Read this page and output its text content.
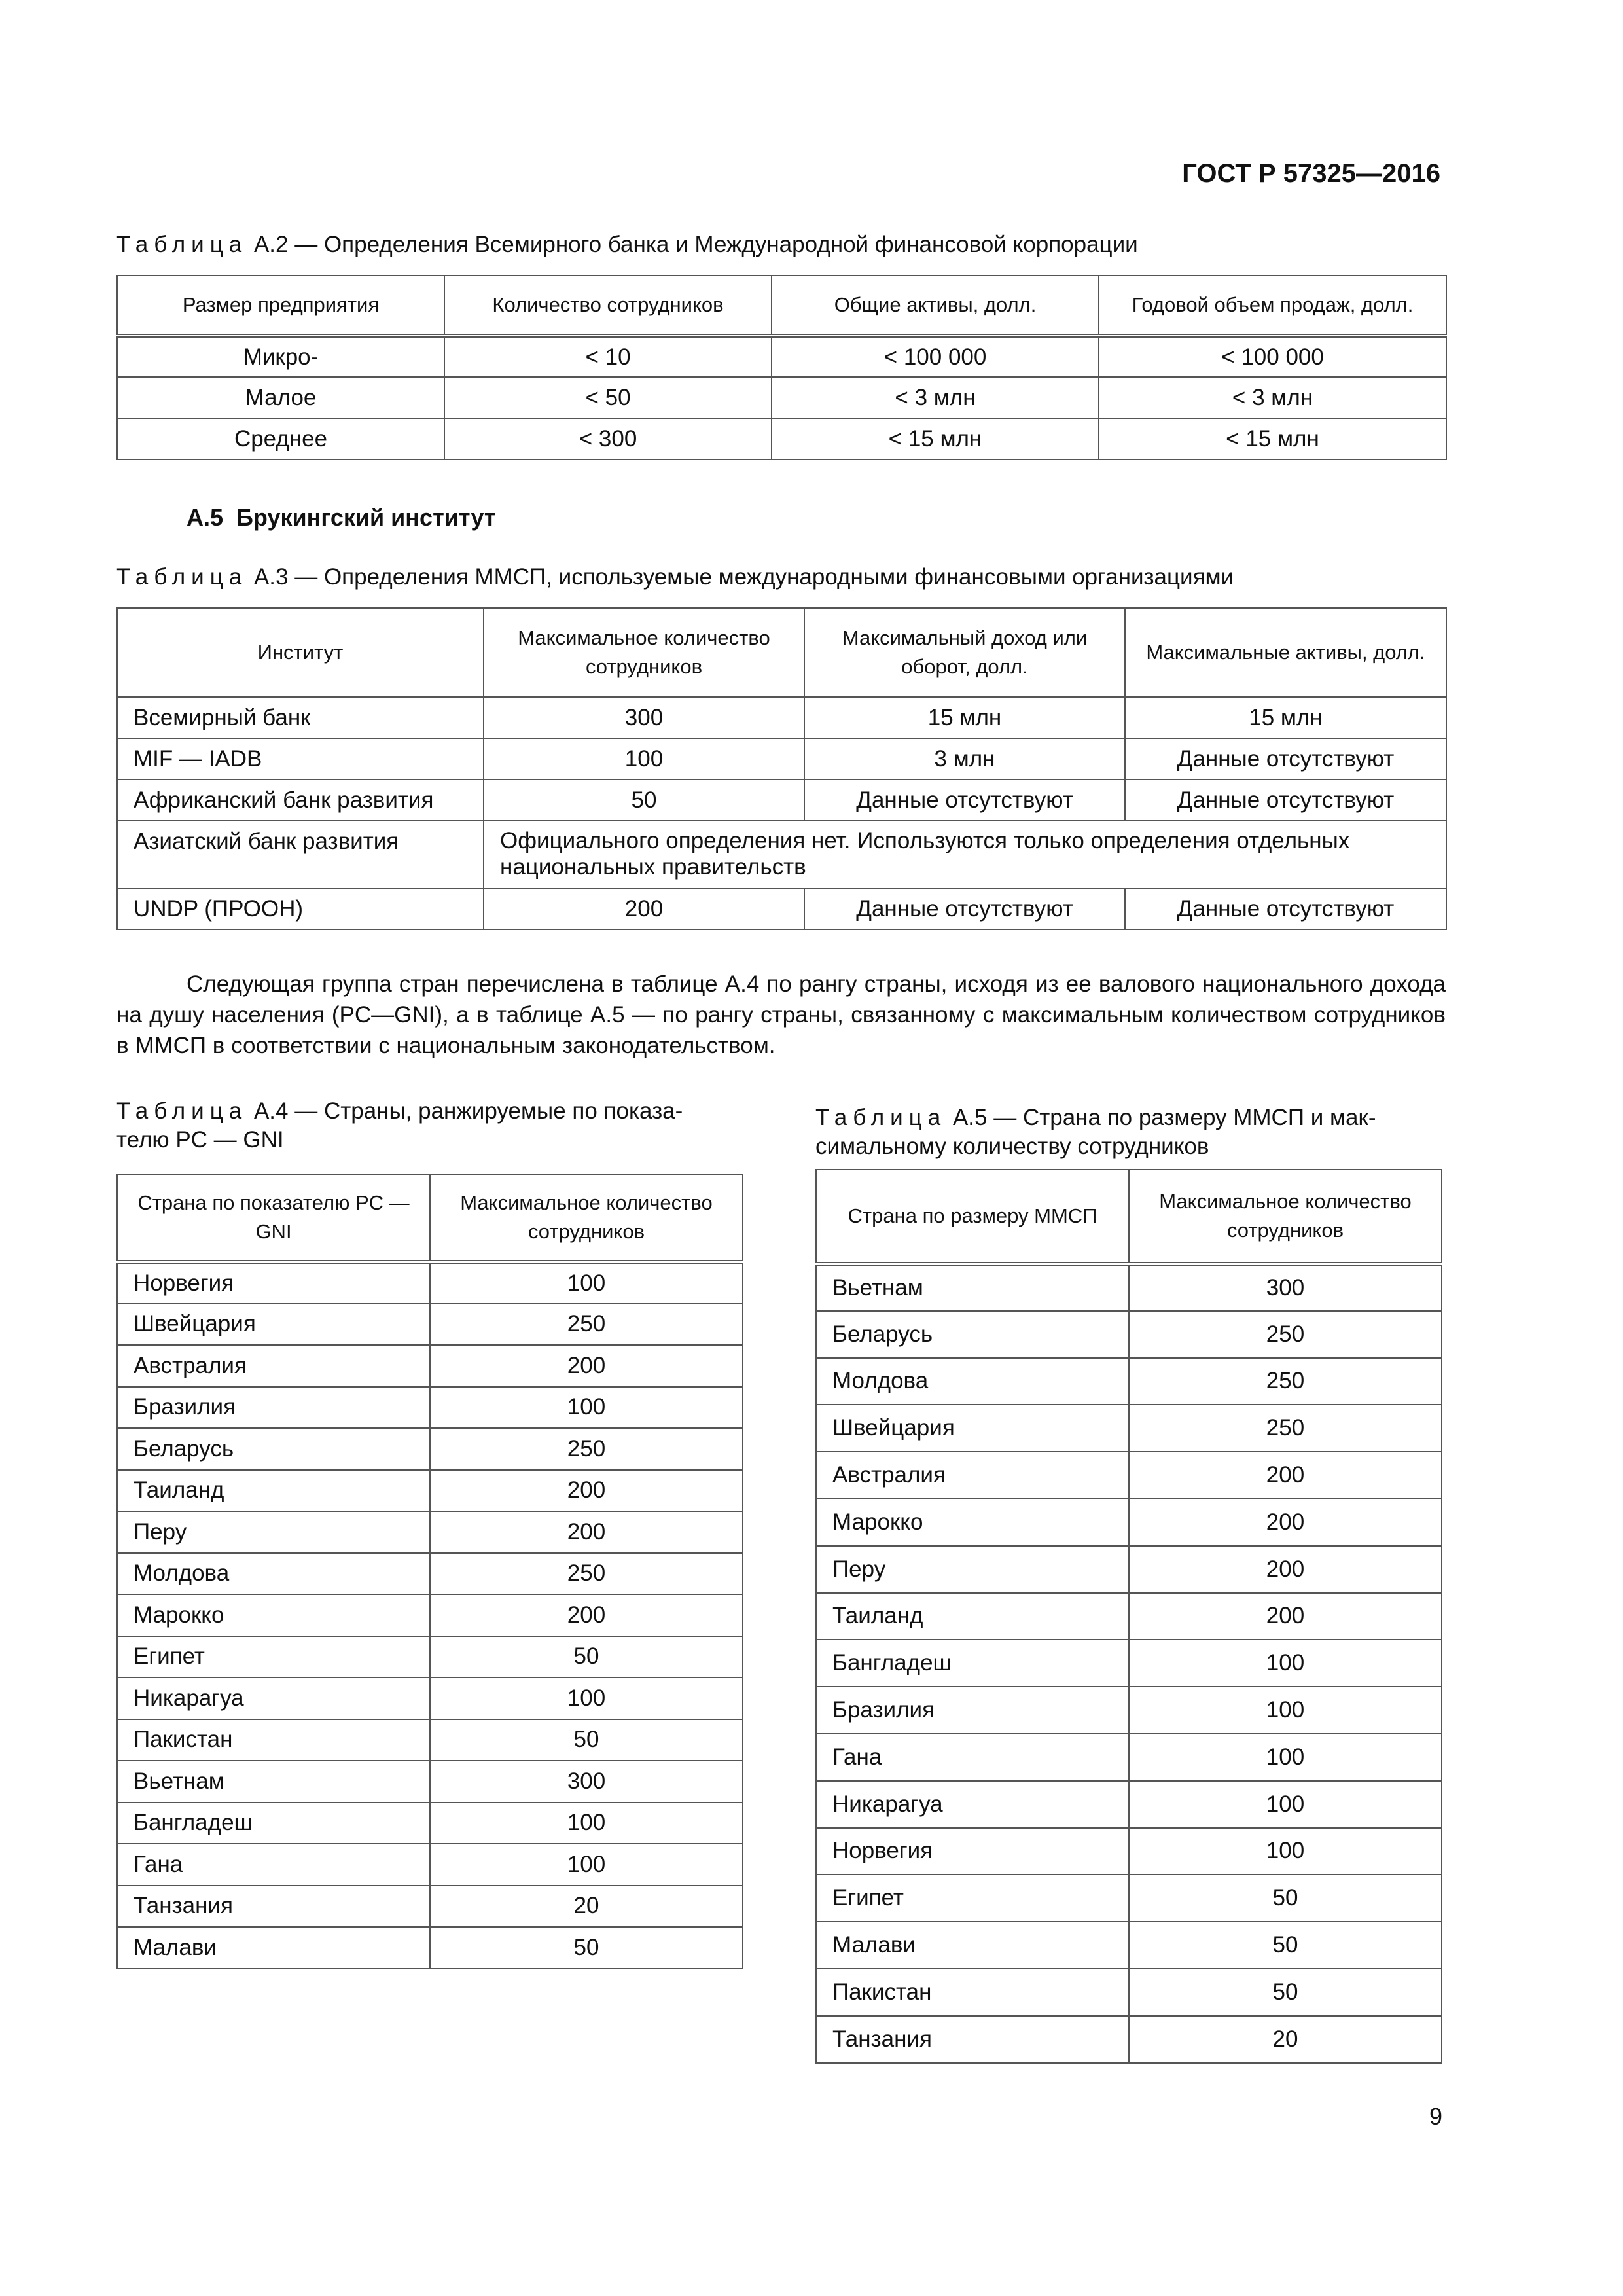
ГОСТ Р 57325—2016
Таблица А.2 — Определения Всемирного банка и Международной финансовой корпорации
Размер предприятия	Количество сотрудников	Общие активы, долл.	Годовой объем продаж, долл.
Микро-	< 10	< 100 000	< 100 000
Малое	< 50	< 3 млн	< 3 млн
Среднее	< 300	< 15 млн	< 15 млн
А.5 Брукингский институт
Таблица А.3 — Определения ММСП, используемые международными финансовыми организациями
Институт	Максимальное количество сотрудников	Максимальный доход или оборот, долл.	Максимальные активы, долл.
Всемирный банк	300	15 млн	15 млн
MIF — IADB	100	3 млн	Данные отсутствуют
Африканский банк развития	50	Данные отсутствуют	Данные отсутствуют
Азиатский банк развития	Официального определения нет. Используются только определения отдельных национальных правительств		
UNDP (ПРООН)	200	Данные отсутствуют	Данные отсутствуют
Следующая группа стран перечислена в таблице А.4 по рангу страны, исходя из ее валового национального дохода на душу населения (PC—GNI), а в таблице А.5 — по рангу страны, связанному с максимальным количеством сотрудников в ММСП в соответствии с национальным законодательством.
Таблица А.4 — Страны, ранжируемые по показа-
телю PC — GNI
Страна по показателю PC — GNI	Максимальное количество сотрудников
Норвегия	100
Швейцария	250
Австралия	200
Бразилия	100
Беларусь	250
Таиланд	200
Перу	200
Молдова	250
Марокко	200
Египет	50
Никарагуа	100
Пакистан	50
Вьетнам	300
Бангладеш	100
Гана	100
Танзания	20
Малави	50
Таблица А.5 — Страна по размеру ММСП и мак-
симальному количеству сотрудников
Страна по размеру ММСП	Максимальное количество сотрудников
Вьетнам	300
Беларусь	250
Молдова	250
Швейцария	250
Австралия	200
Марокко	200
Перу	200
Таиланд	200
Бангладеш	100
Бразилия	100
Гана	100
Никарагуа	100
Норвегия	100
Египет	50
Малави	50
Пакистан	50
Танзания	20
9
